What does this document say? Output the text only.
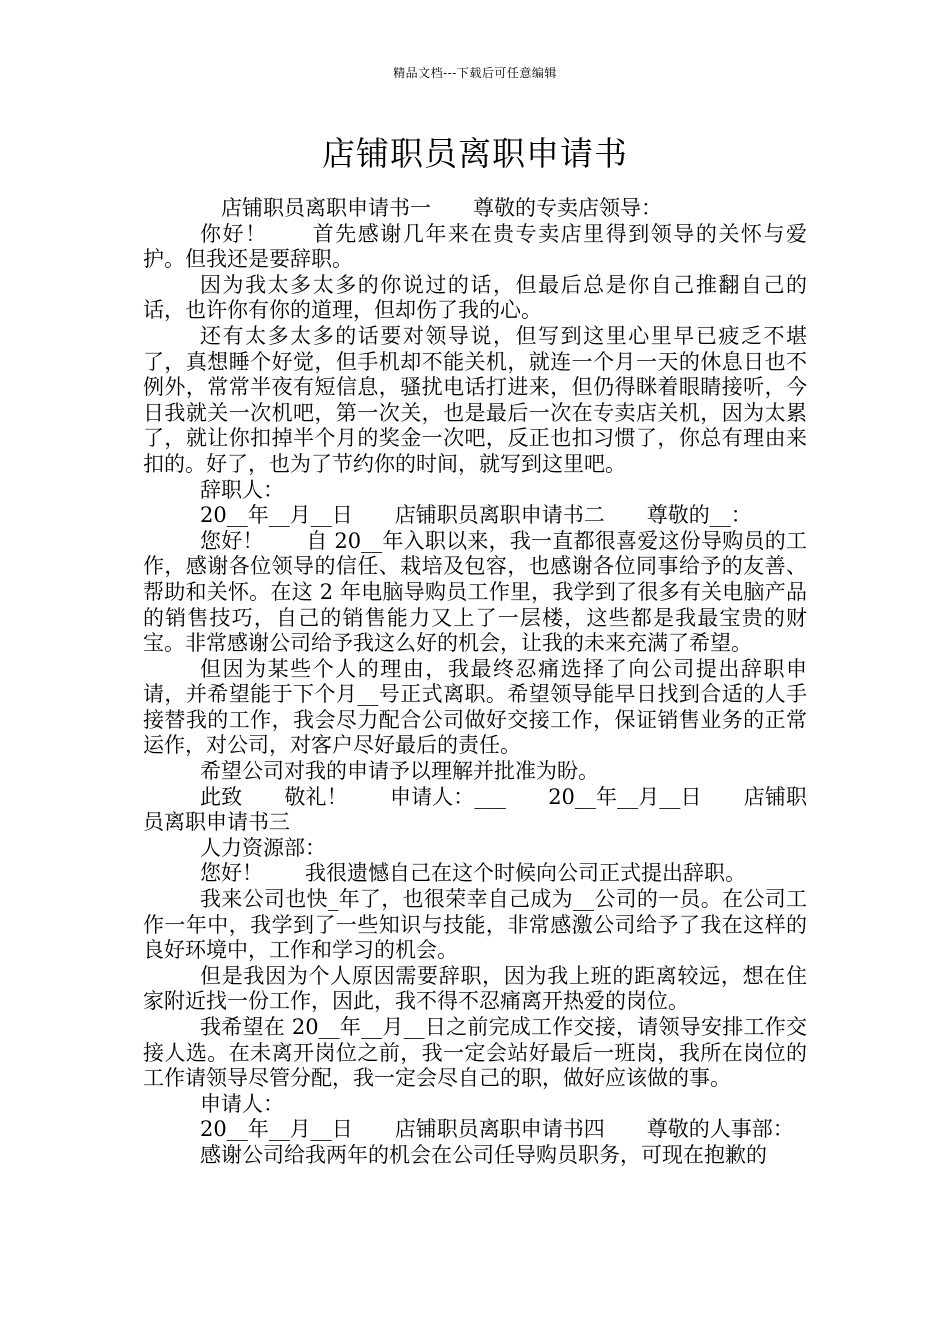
精品文档---下载后可任意编辑
店铺职员离职申请书

店铺职员离职申请书一　　尊敬的专卖店领导：

你好！　　首先感谢几年来在贵专卖店里得到领导的关怀与爱护。但我还是要辞职。

因为我太多太多的你说过的话，但最后总是你自己推翻自己的话，也许你有你的道理，但却伤了我的心。

还有太多太多的话要对领导说，但写到这里心里早已疲乏不堪了，真想睡个好觉，但手机却不能关机，就连一个月一天的休息日也不例外，常常半夜有短信息，骚扰电话打进来，但仍得眯着眼睛接听，今日我就关一次机吧，第一次关，也是最后一次在专卖店关机，因为太累了，就让你扣掉半个月的奖金一次吧，反正也扣习惯了，你总有理由来扣的。好了，也为了节约你的时间，就写到这里吧。

辞职人：

20__年__月__日　　店铺职员离职申请书二　　尊敬的__：

您好！　　自 20__年入职以来，我一直都很喜爱这份导购员的工作，感谢各位领导的信任、栽培及包容，也感谢各位同事给予的友善、帮助和关怀。在这 2 年电脑导购员工作里，我学到了很多有关电脑产品的销售技巧，自己的销售能力又上了一层楼，这些都是我最宝贵的财宝。非常感谢公司给予我这么好的机会，让我的未来充满了希望。

但因为某些个人的理由，我最终忍痛选择了向公司提出辞职申请，并希望能于下个月__号正式离职。希望领导能早日找到合适的人手接替我的工作，我会尽力配合公司做好交接工作，保证销售业务的正常运作，对公司，对客户尽好最后的责任。

希望公司对我的申请予以理解并批准为盼。

此致　　敬礼！　　申请人：___　　20__年__月__日　　店铺职员离职申请书三

人力资源部：

您好！　　我很遗憾自己在这个时候向公司正式提出辞职。

我来公司也快_年了，也很荣幸自己成为__公司的一员。在公司工作一年中，我学到了一些知识与技能，非常感激公司给予了我在这样的良好环境中，工作和学习的机会。

但是我因为个人原因需要辞职，因为我上班的距离较远，想在住家附近找一份工作，因此，我不得不忍痛离开热爱的岗位。

我希望在 20__年__月__日之前完成工作交接，请领导安排工作交接人选。在未离开岗位之前，我一定会站好最后一班岗，我所在岗位的工作请领导尽管分配，我一定会尽自己的职，做好应该做的事。

申请人：

20__年__月__日　　店铺职员离职申请书四　　尊敬的人事部：

感谢公司给我两年的机会在公司任导购员职务，可现在抱歉的
